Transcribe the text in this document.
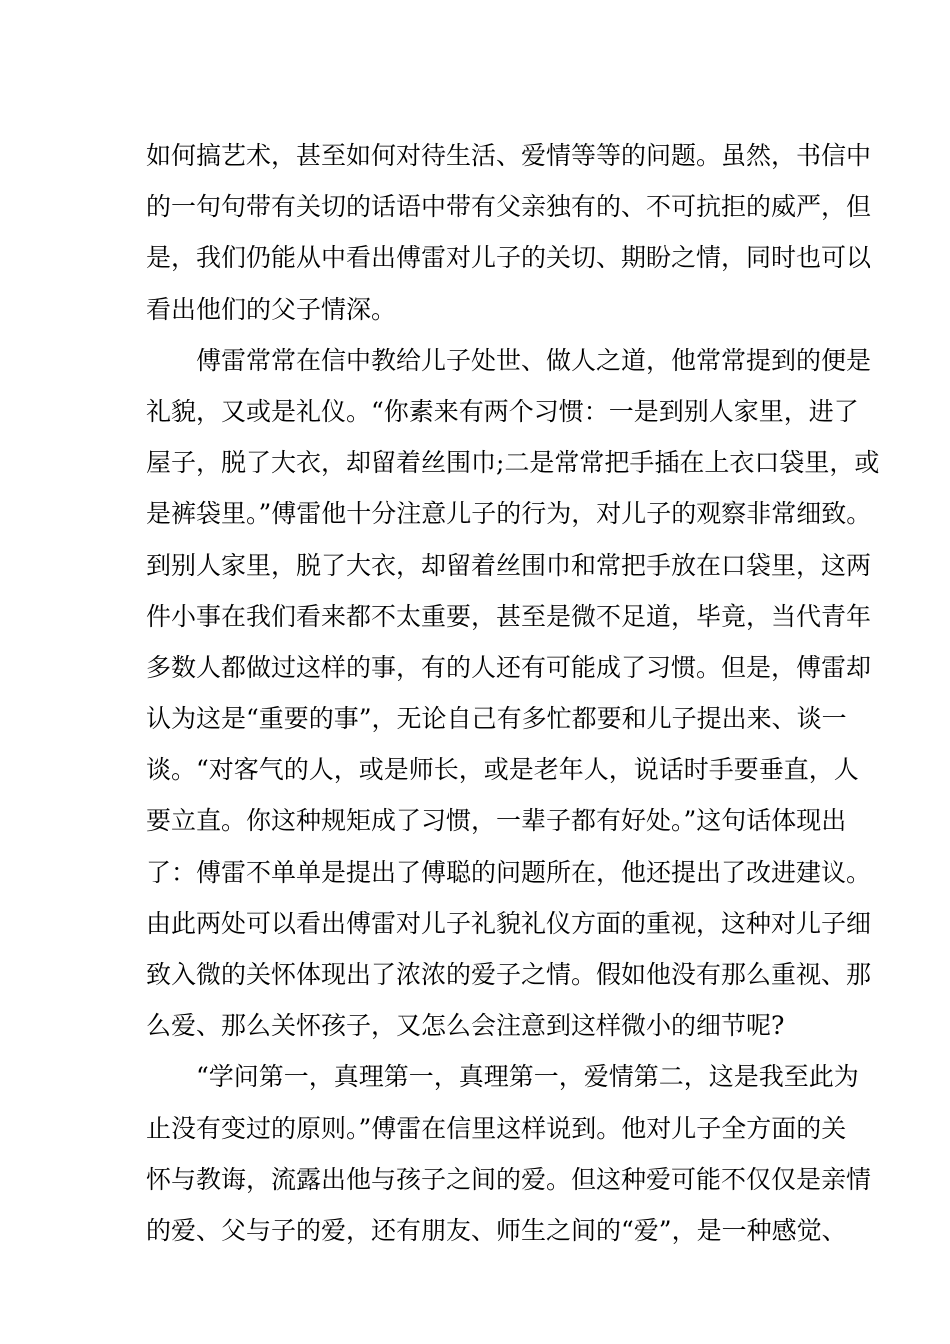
如何搞艺术，甚至如何对待生活、爱情等等的问题。虽然，书信中
的一句句带有关切的话语中带有父亲独有的、不可抗拒的威严，但
是，我们仍能从中看出傅雷对儿子的关切、期盼之情，同时也可以
看出他们的父子情深。
傅雷常常在信中教给儿子处世、做人之道，他常常提到的便是
礼貌，又或是礼仪。“你素来有两个习惯：一是到别人家里，进了
屋子，脱了大衣，却留着丝围巾;二是常常把手插在上衣口袋里，或
是裤袋里。”傅雷他十分注意儿子的行为，对儿子的观察非常细致。
到别人家里，脱了大衣，却留着丝围巾和常把手放在口袋里，这两
件小事在我们看来都不太重要，甚至是微不足道，毕竟，当代青年
多数人都做过这样的事，有的人还有可能成了习惯。但是，傅雷却
认为这是“重要的事”，无论自己有多忙都要和儿子提出来、谈一
谈。“对客气的人，或是师长，或是老年人，说话时手要垂直，人
要立直。你这种规矩成了习惯，一辈子都有好处。”这句话体现出
了：傅雷不单单是提出了傅聪的问题所在，他还提出了改进建议。
由此两处可以看出傅雷对儿子礼貌礼仪方面的重视，这种对儿子细
致入微的关怀体现出了浓浓的爱子之情。假如他没有那么重视、那
么爱、那么关怀孩子，又怎么会注意到这样微小的细节呢?
“学问第一，真理第一，真理第一，爱情第二，这是我至此为
止没有变过的原则。”傅雷在信里这样说到。他对儿子全方面的关
怀与教诲，流露出他与孩子之间的爱。但这种爱可能不仅仅是亲情
的爱、父与子的爱，还有朋友、师生之间的“爱”，是一种感觉、
